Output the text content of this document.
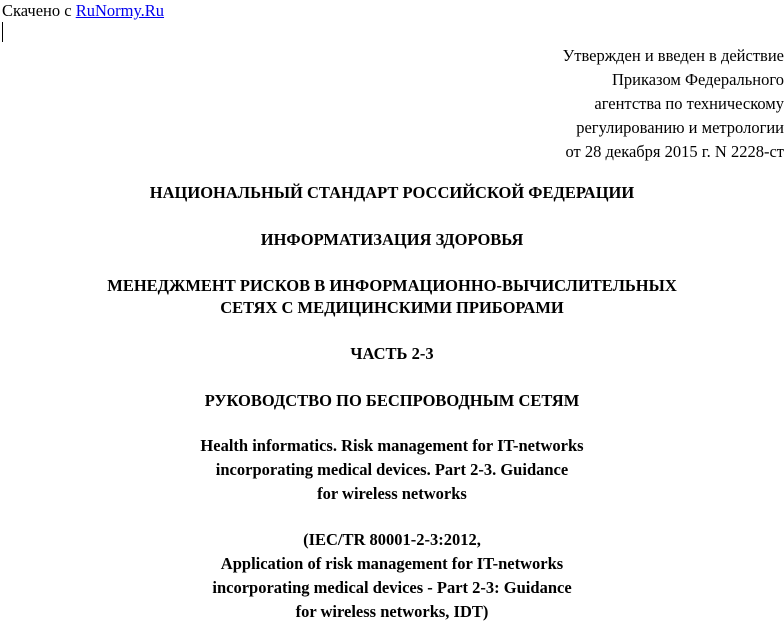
Скачено с RuNormy.Ru
Утвержден и введен в действие
Приказом Федерального
агентства по техническому
регулированию и метрологии
от 28 декабря 2015 г. N 2228-ст
НАЦИОНАЛЬНЫЙ СТАНДАРТ РОССИЙСКОЙ ФЕДЕРАЦИИ
ИНФОРМАТИЗАЦИЯ ЗДОРОВЬЯ
МЕНЕДЖМЕНТ РИСКОВ В ИНФОРМАЦИОННО-ВЫЧИСЛИТЕЛЬНЫХ
СЕТЯХ С МЕДИЦИНСКИМИ ПРИБОРАМИ
ЧАСТЬ 2-3
РУКОВОДСТВО ПО БЕСПРОВОДНЫМ СЕТЯМ
Health informatics. Risk management for IT-networks
incorporating medical devices. Part 2-3. Guidance
for wireless networks
(IEC/TR 80001-2-3:2012,
Application of risk management for IT-networks
incorporating medical devices - Part 2-3: Guidance
for wireless networks, IDT)
